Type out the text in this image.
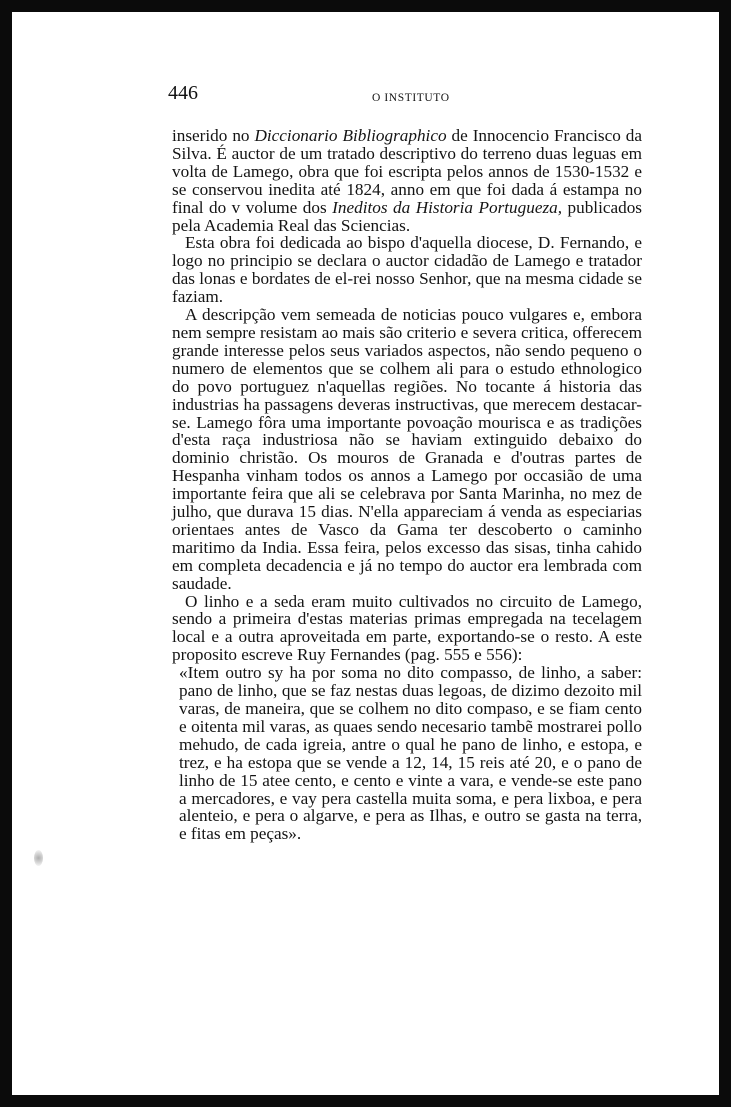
446	O INSTITUTO

inserido no Diccionario Bibliographico de Innocencio Francisco da Silva. É auctor de um tratado descriptivo do terreno duas leguas em volta de Lamego, obra que foi escripta pelos annos de 1530-1532 e se conservou inedita até 1824, anno em que foi dada á estampa no final do v volume dos Ineditos da Historia Portugueza, publicados pela Academia Real das Sciencias.

Esta obra foi dedicada ao bispo d'aquella diocese, D. Fernando, e logo no principio se declara o auctor cidadão de Lamego e tratador das lonas e bordates de el-rei nosso Senhor, que na mesma cidade se faziam.

A descripção vem semeada de noticias pouco vulgares e, embora nem sempre resistam ao mais são criterio e severa critica, offerecem grande interesse pelos seus variados aspectos, não sendo pequeno o numero de elementos que se colhem ali para o estudo ethnologico do povo portuguez n'aquellas regiões. No tocante á historia das industrias ha passagens deveras instructivas, que merecem destacar-se. Lamego fôra uma importante povoação mourisca e as tradições d'esta raça industriosa não se haviam extinguido debaixo do dominio christão. Os mouros de Granada e d'outras partes de Hespanha vinham todos os annos a Lamego por occasião de uma importante feira que ali se celebrava por Santa Marinha, no mez de julho, que durava 15 dias. N'ella appareciam á venda as especiarias orientaes antes de Vasco da Gama ter descoberto o caminho maritimo da India. Essa feira, pelos excesso das sisas, tinha cahido em completa decadencia e já no tempo do auctor era lembrada com saudade.

O linho e a seda eram muito cultivados no circuito de Lamego, sendo a primeira d'estas materias primas empregada na tecelagem local e a outra aproveitada em parte, exportando-se o resto. A este proposito escreve Ruy Fernandes (pag. 555 e 556):

«Item outro sy ha por soma no dito compasso, de linho, a saber: pano de linho, que se faz nestas duas legoas, de dizimo dezoito mil varas, de maneira, que se colhem no dito compaso, e se fiam cento e oitenta mil varas, as quaes sendo necesario tambẽ mostrarei pollo mehudo, de cada igreia, antre o qual he pano de linho, e estopa, e trez, e ha estopa que se vende a 12, 14, 15 reis até 20, e o pano de linho de 15 atee cento, e cento e vinte a vara, e vende-se este pano a mercadores, e vay pera castella muita soma, e pera lixboa, e pera alenteio, e pera o algarve, e pera as Ilhas, e outro se gasta na terra, e fitas em peças».
